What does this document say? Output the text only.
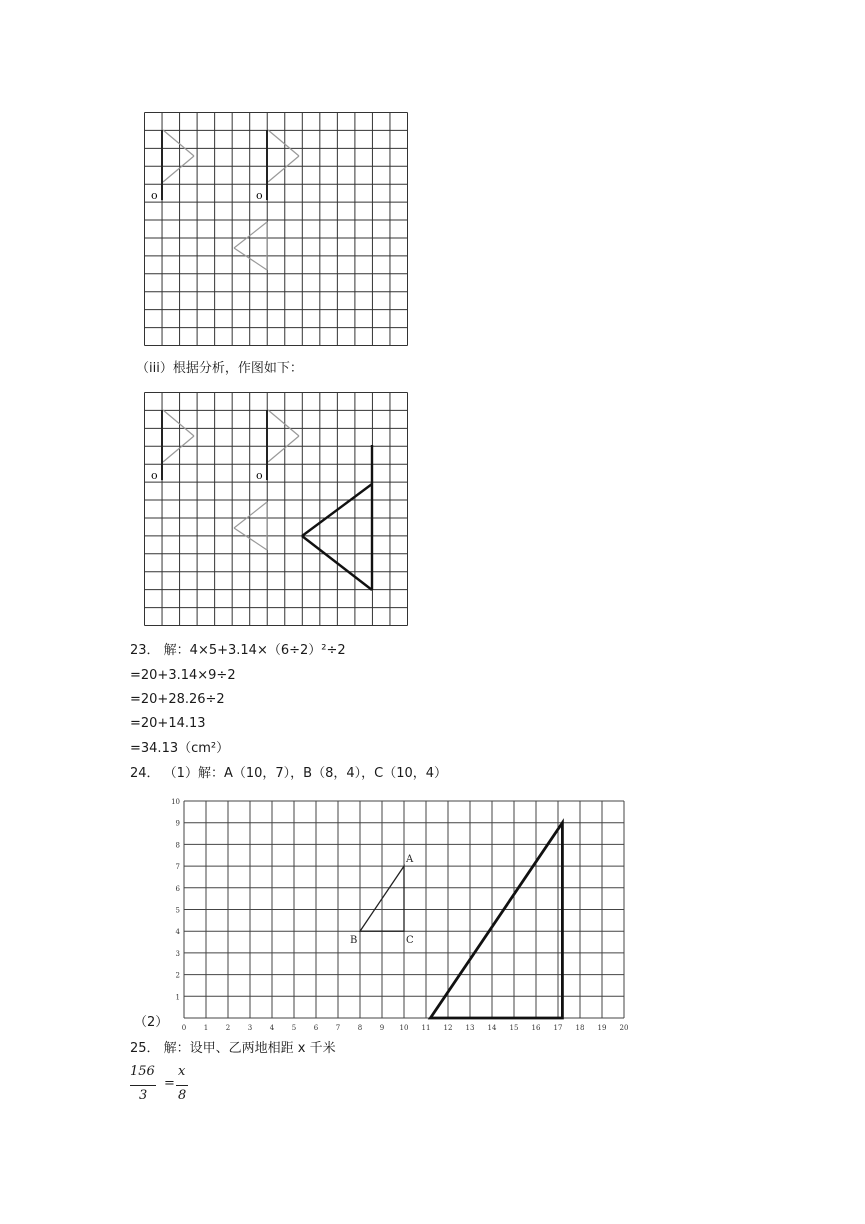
o	o
（iii）根据分析，作图如下：
o	o
23． 解：4×5+3.14×（6÷2）²÷2
=20+3.14×9÷2
=20+28.26÷2
=20+14.13
=34.13（cm²）
24． （1）解：A（10，7），B（8，4），C（10，4）
0	1	2	3	4	5	6	7	8	9 10 11 12 13 14 15 16 17 18 19 20
1
2
3
4
5
6
7
8
9
10
A
B	C
（2）
25． 解：设甲、乙两地相距 x 千米
156
3
=
x
8
